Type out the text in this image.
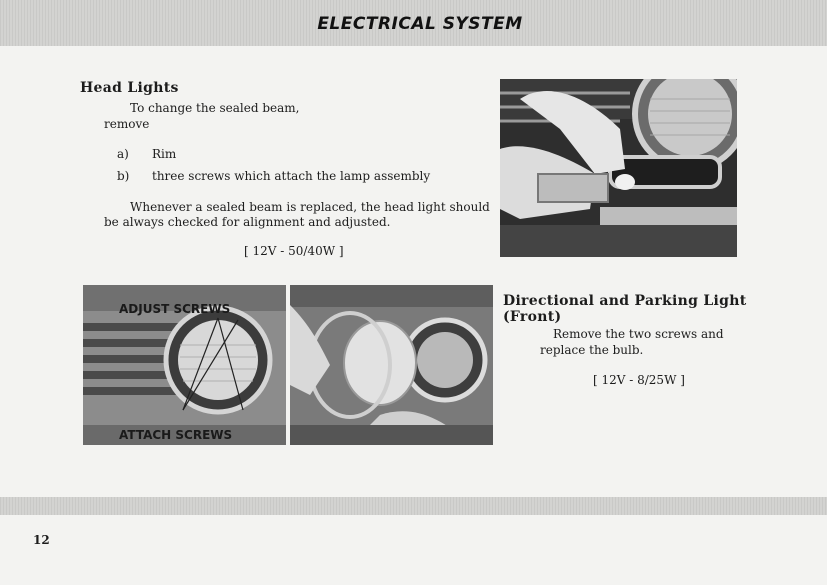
ELECTRICAL SYSTEM
Head Lights
To change the sealed beam,
remove
a) Rim
b) three screws which attach the lamp assembly
Whenever a sealed beam is replaced, the head light should
be always checked for alignment and adjusted.
[ 12V - 50/40W ]
ADJUST SCREWS
ATTACH SCREWS
Directional and Parking Light
(Front)
Remove the two screws and
replace the bulb.
[ 12V - 8/25W ]
12
